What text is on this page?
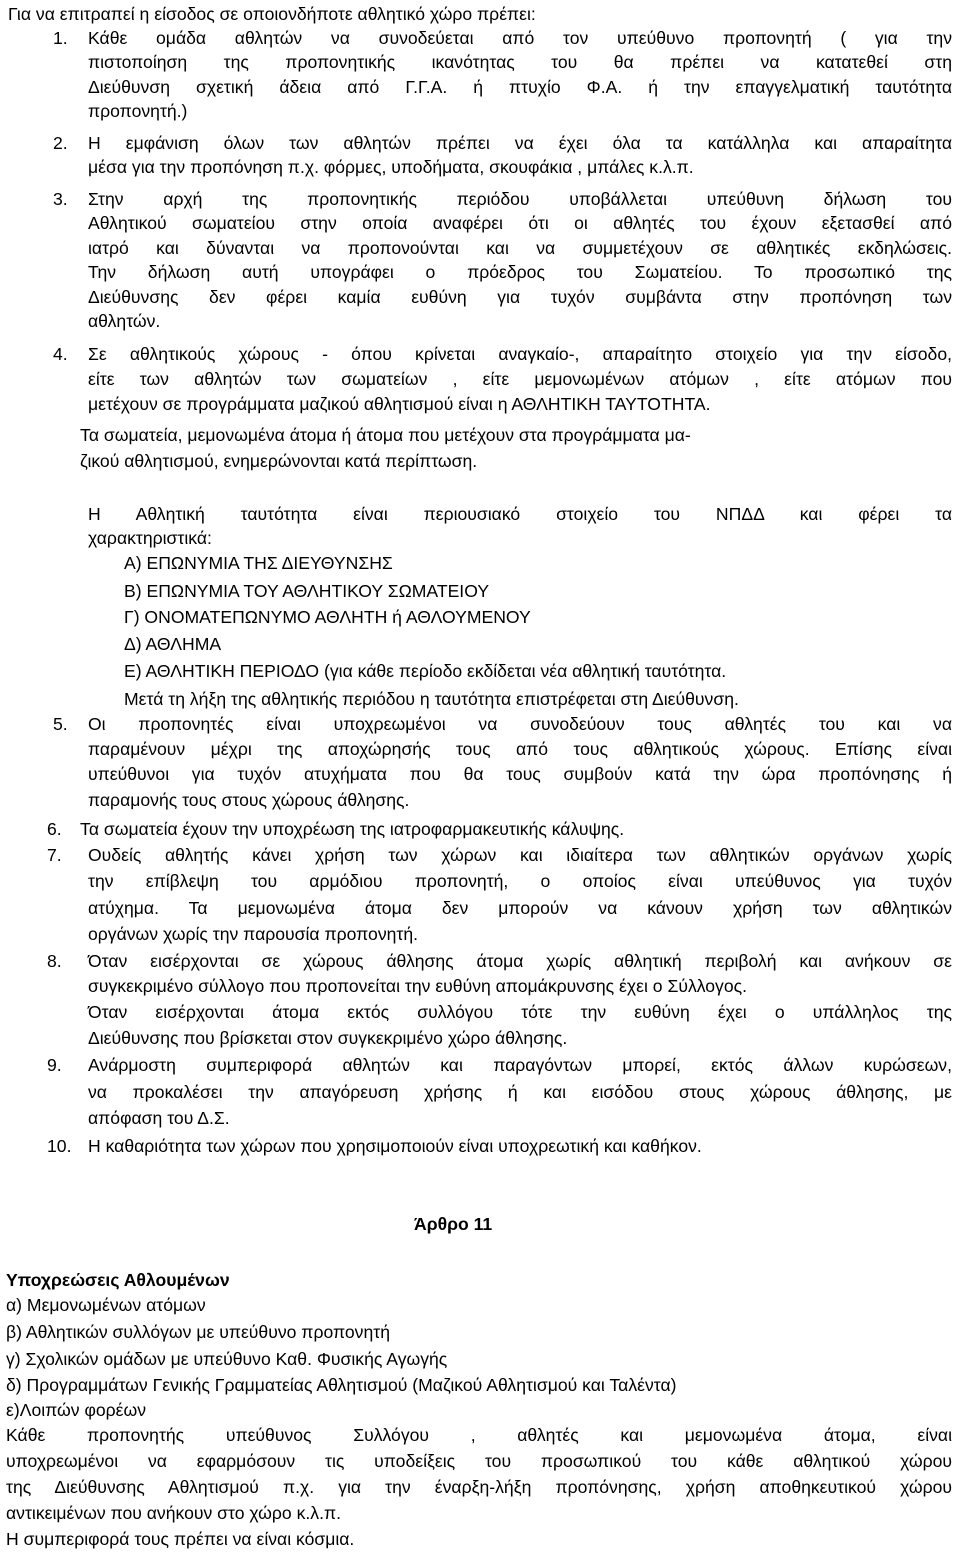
Για να επιτραπεί η είσοδος σε οποιονδήποτε αθλητικό χώρο πρέπει:
1. Κάθε ομάδα αθλητών να συνοδεύεται από τον υπεύθυνο προπονητή ( για την
πιστοποίηση της προπονητικής ικανότητας του θα πρέπει να κατατεθεί στη
Διεύθυνση σχετική άδεια από Γ.Γ.Α. ή πτυχίο Φ.Α. ή την επαγγελματική ταυτότητα
προπονητή.)
2. Η εμφάνιση όλων των αθλητών πρέπει να έχει όλα τα κατάλληλα και απαραίτητα
μέσα για την προπόνηση π.χ. φόρμες, υποδήματα, σκουφάκια , μπάλες κ.λ.π.
3. Στην αρχή της προπονητικής περιόδου υποβάλλεται υπεύθυνη δήλωση του
Αθλητικού σωματείου στην οποία αναφέρει ότι οι αθλητές του έχουν εξετασθεί από
ιατρό και δύνανται να προπονούνται και να συμμετέχουν σε αθλητικές εκδηλώσεις.
Την δήλωση αυτή υπογράφει ο πρόεδρος του Σωματείου. Το προσωπικό της
Διεύθυνσης δεν φέρει καμία ευθύνη για τυχόν συμβάντα στην προπόνηση των
αθλητών.
4. Σε αθλητικούς χώρους - όπου κρίνεται αναγκαίο-, απαραίτητο στοιχείο για την είσοδο,
είτε των αθλητών των σωματείων , είτε μεμονωμένων ατόμων , είτε ατόμων που
μετέχουν σε προγράμματα μαζικού αθλητισμού είναι η ΑΘΛΗΤΙΚΗ ΤΑΥΤΟΤΗΤΑ.
Τα σωματεία, μεμονωμένα άτομα ή άτομα που μετέχουν στα προγράμματα μα-
ζικού αθλητισμού, ενημερώνονται κατά περίπτωση.
Η Αθλητική ταυτότητα είναι περιουσιακό στοιχείο του ΝΠΔΔ και φέρει τα
χαρακτηριστικά:
Α) ΕΠΩΝΥΜΙΑ ΤΗΣ ΔΙΕΥΘΥΝΣΗΣ
Β) ΕΠΩΝΥΜΙΑ ΤΟΥ ΑΘΛΗΤΙΚΟΥ ΣΩΜΑΤΕΙΟΥ
Γ) ΟΝΟΜΑΤΕΠΩΝΥΜΟ ΑΘΛΗΤΗ ή ΑΘΛΟΥΜΕΝΟΥ
Δ) ΑΘΛΗΜΑ
Ε) ΑΘΛΗΤΙΚΗ ΠΕΡΙΟΔΟ (για κάθε περίοδο εκδίδεται νέα αθλητική ταυτότητα.
Μετά τη λήξη της αθλητικής περιόδου η ταυτότητα επιστρέφεται στη Διεύθυνση.
5. Οι προπονητές είναι υποχρεωμένοι να συνοδεύουν τους αθλητές του και να
παραμένουν μέχρι της αποχώρησής τους από τους αθλητικούς χώρους. Επίσης είναι
υπεύθυνοι για τυχόν ατυχήματα που θα τους συμβούν κατά την ώρα προπόνησης ή
παραμονής τους στους χώρους άθλησης.
6. Τα σωματεία έχουν την υποχρέωση της ιατροφαρμακευτικής κάλυψης.
7. Ουδείς αθλητής κάνει χρήση των χώρων και ιδιαίτερα των αθλητικών οργάνων χωρίς
την επίβλεψη του αρμόδιου προπονητή, ο οποίος είναι υπεύθυνος για τυχόν
ατύχημα. Τα μεμονωμένα άτομα δεν μπορούν να κάνουν χρήση των αθλητικών
οργάνων χωρίς την παρουσία προπονητή.
8. Όταν εισέρχονται σε χώρους άθλησης άτομα χωρίς αθλητική περιβολή και ανήκουν σε
συγκεκριμένο σύλλογο που προπονείται την ευθύνη απομάκρυνσης έχει ο Σύλλογος.
Όταν εισέρχονται άτομα εκτός συλλόγου τότε την ευθύνη έχει ο υπάλληλος της
Διεύθυνσης που βρίσκεται στον συγκεκριμένο χώρο άθλησης.
9. Ανάρμοστη συμπεριφορά αθλητών και παραγόντων μπορεί, εκτός άλλων κυρώσεων,
να προκαλέσει την απαγόρευση χρήσης ή και εισόδου στους χώρους άθλησης, με
απόφαση του Δ.Σ.
10. Η καθαριότητα των χώρων που χρησιμοποιούν είναι υποχρεωτική και καθήκον.
Άρθρο 11
Υποχρεώσεις Αθλουμένων
α) Μεμονωμένων ατόμων
β) Αθλητικών συλλόγων με υπεύθυνο προπονητή
γ) Σχολικών ομάδων με υπεύθυνο Καθ. Φυσικής Αγωγής
δ) Προγραμμάτων Γενικής Γραμματείας Αθλητισμού (Μαζικού Αθλητισμού και Ταλέντα)
ε)Λοιπών φορέων
Κάθε προπονητής υπεύθυνος Συλλόγου , αθλητές και μεμονωμένα άτομα, είναι
υποχρεωμένοι να εφαρμόσουν τις υποδείξεις του προσωπικού του κάθε αθλητικού χώρου
της Διεύθυνσης Αθλητισμού π.χ. για την έναρξη-λήξη προπόνησης, χρήση αποθηκευτικού χώρου
αντικειμένων που ανήκουν στο χώρο κ.λ.π.
Η συμπεριφορά τους πρέπει να είναι κόσμια.
